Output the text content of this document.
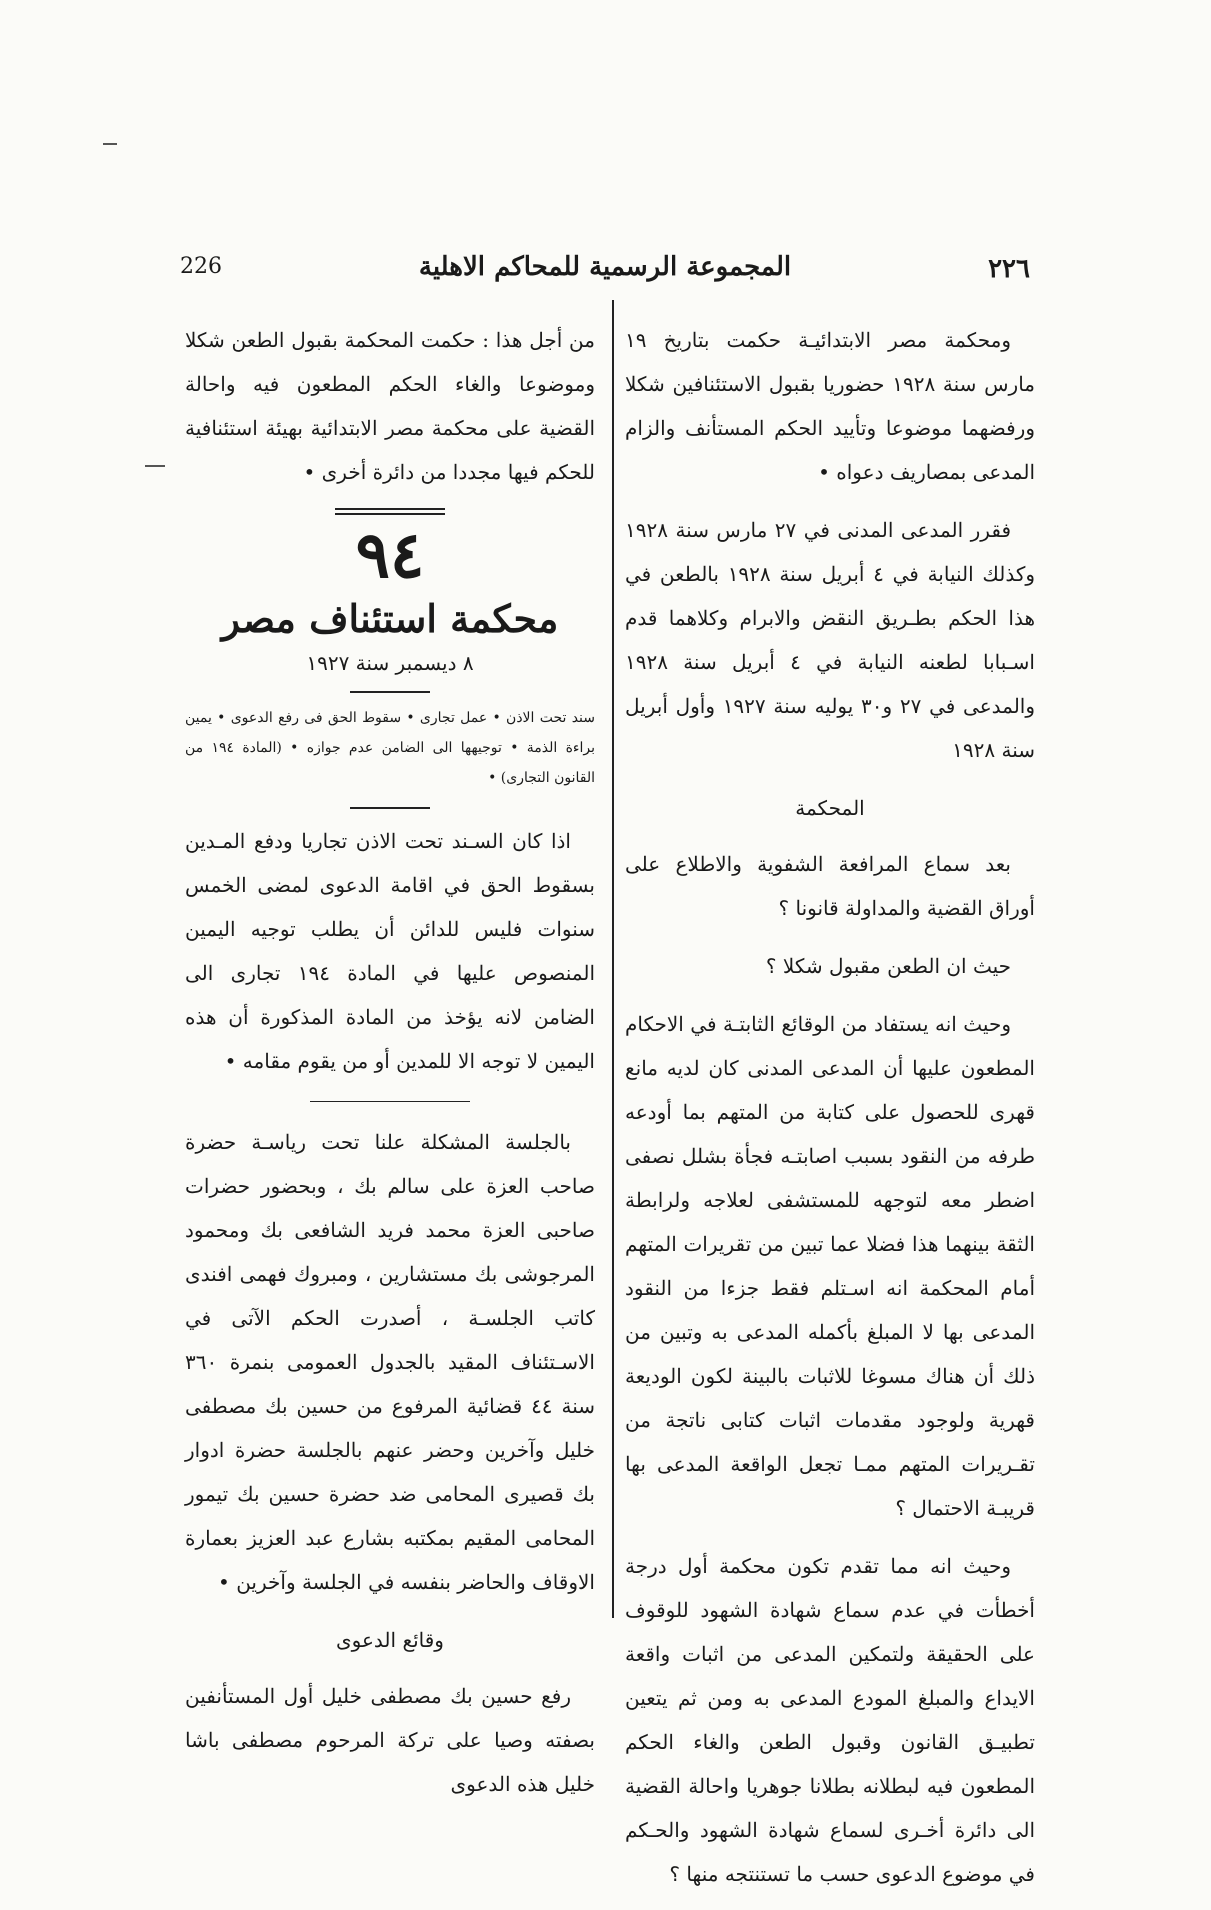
٢٢٦
المجموعة الرسمية للمحاكم الاهلية
226

ومحكمة مصر الابتدائيـة حكمت بتاريخ ١٩ مارس سنة ١٩٢٨ حضوريا بقبول الاستئنافين شكلا ورفضهما موضوعا وتأييد الحكم المستأنف والزام المدعى بمصاريف دعواه •

فقرر المدعى المدنى في ٢٧ مارس سنة ١٩٢٨ وكذلك النيابة في ٤ أبريل سنة ١٩٢٨ بالطعن في هذا الحكم بطـريق النقض والابرام وكلاهما قدم اسـبابا لطعنه النيابة في ٤ أبريل سنة ١٩٢٨ والمدعى في ٢٧ و٣٠ يوليه سنة ١٩٢٧ وأول أبريل سنة ١٩٢٨

المحكمة

بعد سماع المرافعة الشفوية والاطلاع على أوراق القضية والمداولة قانونا ؟

حيث ان الطعن مقبول شكلا ؟

وحيث انه يستفاد من الوقائع الثابتـة في الاحكام المطعون عليها أن المدعى المدنى كان لديه مانع قهرى للحصول على كتابة من المتهم بما أودعه طرفه من النقود بسبب اصابتـه فجأة بشلل نصفى اضطر معه لتوجهه للمستشفى لعلاجه ولرابطة الثقة بينهما هذا فضلا عما تبين من تقريرات المتهم أمام المحكمة انه اسـتلم فقط جزءا من النقود المدعى بها لا المبلغ بأكمله المدعى به وتبين من ذلك أن هناك مسوغا للاثبات بالبينة لكون الوديعة قهرية ولوجود مقدمات اثبات كتابى ناتجة من تقـريرات المتهم ممـا تجعل الواقعة المدعى بها قريبـة الاحتمال ؟

وحيث انه مما تقدم تكون محكمة أول درجة أخطأت في عدم سماع شهادة الشهود للوقوف على الحقيقة ولتمكين المدعى من اثبات واقعة الايداع والمبلغ المودع المدعى به ومن ثم يتعين تطبيـق القانون وقبول الطعن والغاء الحكم المطعون فيه لبطلانه بطلانا جوهريا واحالة القضية الى دائرة أخـرى لسماع شهادة الشهود والحـكم في موضوع الدعوى حسب ما تستنتجه منها ؟

من أجل هذا : حكمت المحكمة بقبول الطعن شكلا وموضوعا والغاء الحكم المطعون فيه واحالة القضية على محكمة مصر الابتدائية بهيئة استئنافية للحكم فيها مجددا من دائرة أخرى •

٩٤
محكمة استئناف مصر
٨ ديسمبر سنة ١٩٢٧

سند تحت الاذن • عمل تجارى • سقوط الحق فى رفع الدعوى • يمين براءة الذمة • توجيهها الى الضامن عدم جوازه • (المادة ١٩٤ من القانون التجارى) •

اذا كان السـند تحت الاذن تجاريا ودفع المـدين بسقوط الحق في اقامة الدعوى لمضى الخمس سنوات فليس للدائن أن يطلب توجيه اليمين المنصوص عليها في المادة ١٩٤ تجارى الى الضامن لانه يؤخذ من المادة المذكورة أن هذه اليمين لا توجه الا للمدين أو من يقوم مقامه •

بالجلسة المشكلة علنا تحت رياسـة حضرة صاحب العزة على سالم بك ، وبحضور حضرات صاحبى العزة محمد فريد الشافعى بك ومحمود المرجوشى بك مستشارين ، ومبروك فهمى افندى كاتب الجلسـة ، أصدرت الحكم الآتى في الاسـتئناف المقيد بالجدول العمومى بنمرة ٣٦٠ سنة ٤٤ قضائية المرفوع من حسين بك مصطفى خليل وآخرين وحضر عنهم بالجلسة حضرة ادوار بك قصيرى المحامى ضد حضرة حسين بك تيمور المحامى المقيم بمكتبه بشارع عبد العزيز بعمارة الاوقاف والحاضر بنفسه في الجلسة وآخرين •

وقائع الدعوى

رفع حسين بك مصطفى خليل أول المستأنفين بصفته وصيا على تركة المرحوم مصطفى باشا خليل هذه الدعوى
